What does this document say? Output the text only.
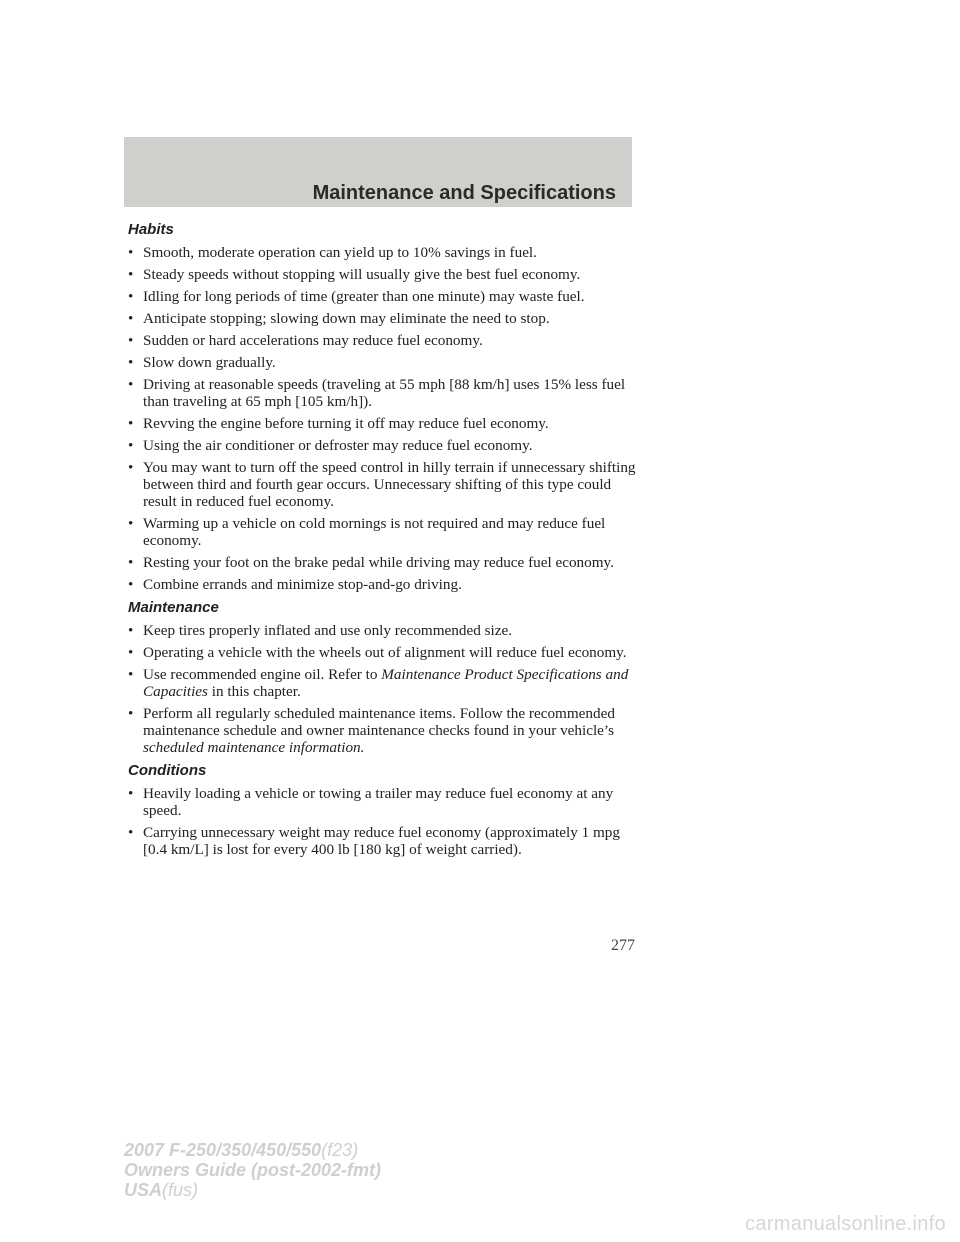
Maintenance and Specifications
Habits
• Smooth, moderate operation can yield up to 10% savings in fuel.
• Steady speeds without stopping will usually give the best fuel economy.
• Idling for long periods of time (greater than one minute) may waste fuel.
• Anticipate stopping; slowing down may eliminate the need to stop.
• Sudden or hard accelerations may reduce fuel economy.
• Slow down gradually.
• Driving at reasonable speeds (traveling at 55 mph [88 km/h] uses 15% less fuel than traveling at 65 mph [105 km/h]).
• Revving the engine before turning it off may reduce fuel economy.
• Using the air conditioner or defroster may reduce fuel economy.
• You may want to turn off the speed control in hilly terrain if unnecessary shifting between third and fourth gear occurs. Unnecessary shifting of this type could result in reduced fuel economy.
• Warming up a vehicle on cold mornings is not required and may reduce fuel economy.
• Resting your foot on the brake pedal while driving may reduce fuel economy.
• Combine errands and minimize stop-and-go driving.
Maintenance
• Keep tires properly inflated and use only recommended size.
• Operating a vehicle with the wheels out of alignment will reduce fuel economy.
• Use recommended engine oil. Refer to Maintenance Product Specifications and Capacities in this chapter.
• Perform all regularly scheduled maintenance items. Follow the recommended maintenance schedule and owner maintenance checks found in your vehicle’s scheduled maintenance information.
Conditions
• Heavily loading a vehicle or towing a trailer may reduce fuel economy at any speed.
• Carrying unnecessary weight may reduce fuel economy (approximately 1 mpg [0.4 km/L] is lost for every 400 lb [180 kg] of weight carried).
277
2007 F-250/350/450/550(f23)
Owners Guide (post-2002-fmt)
USA(fus)
carmanualsonline.info
